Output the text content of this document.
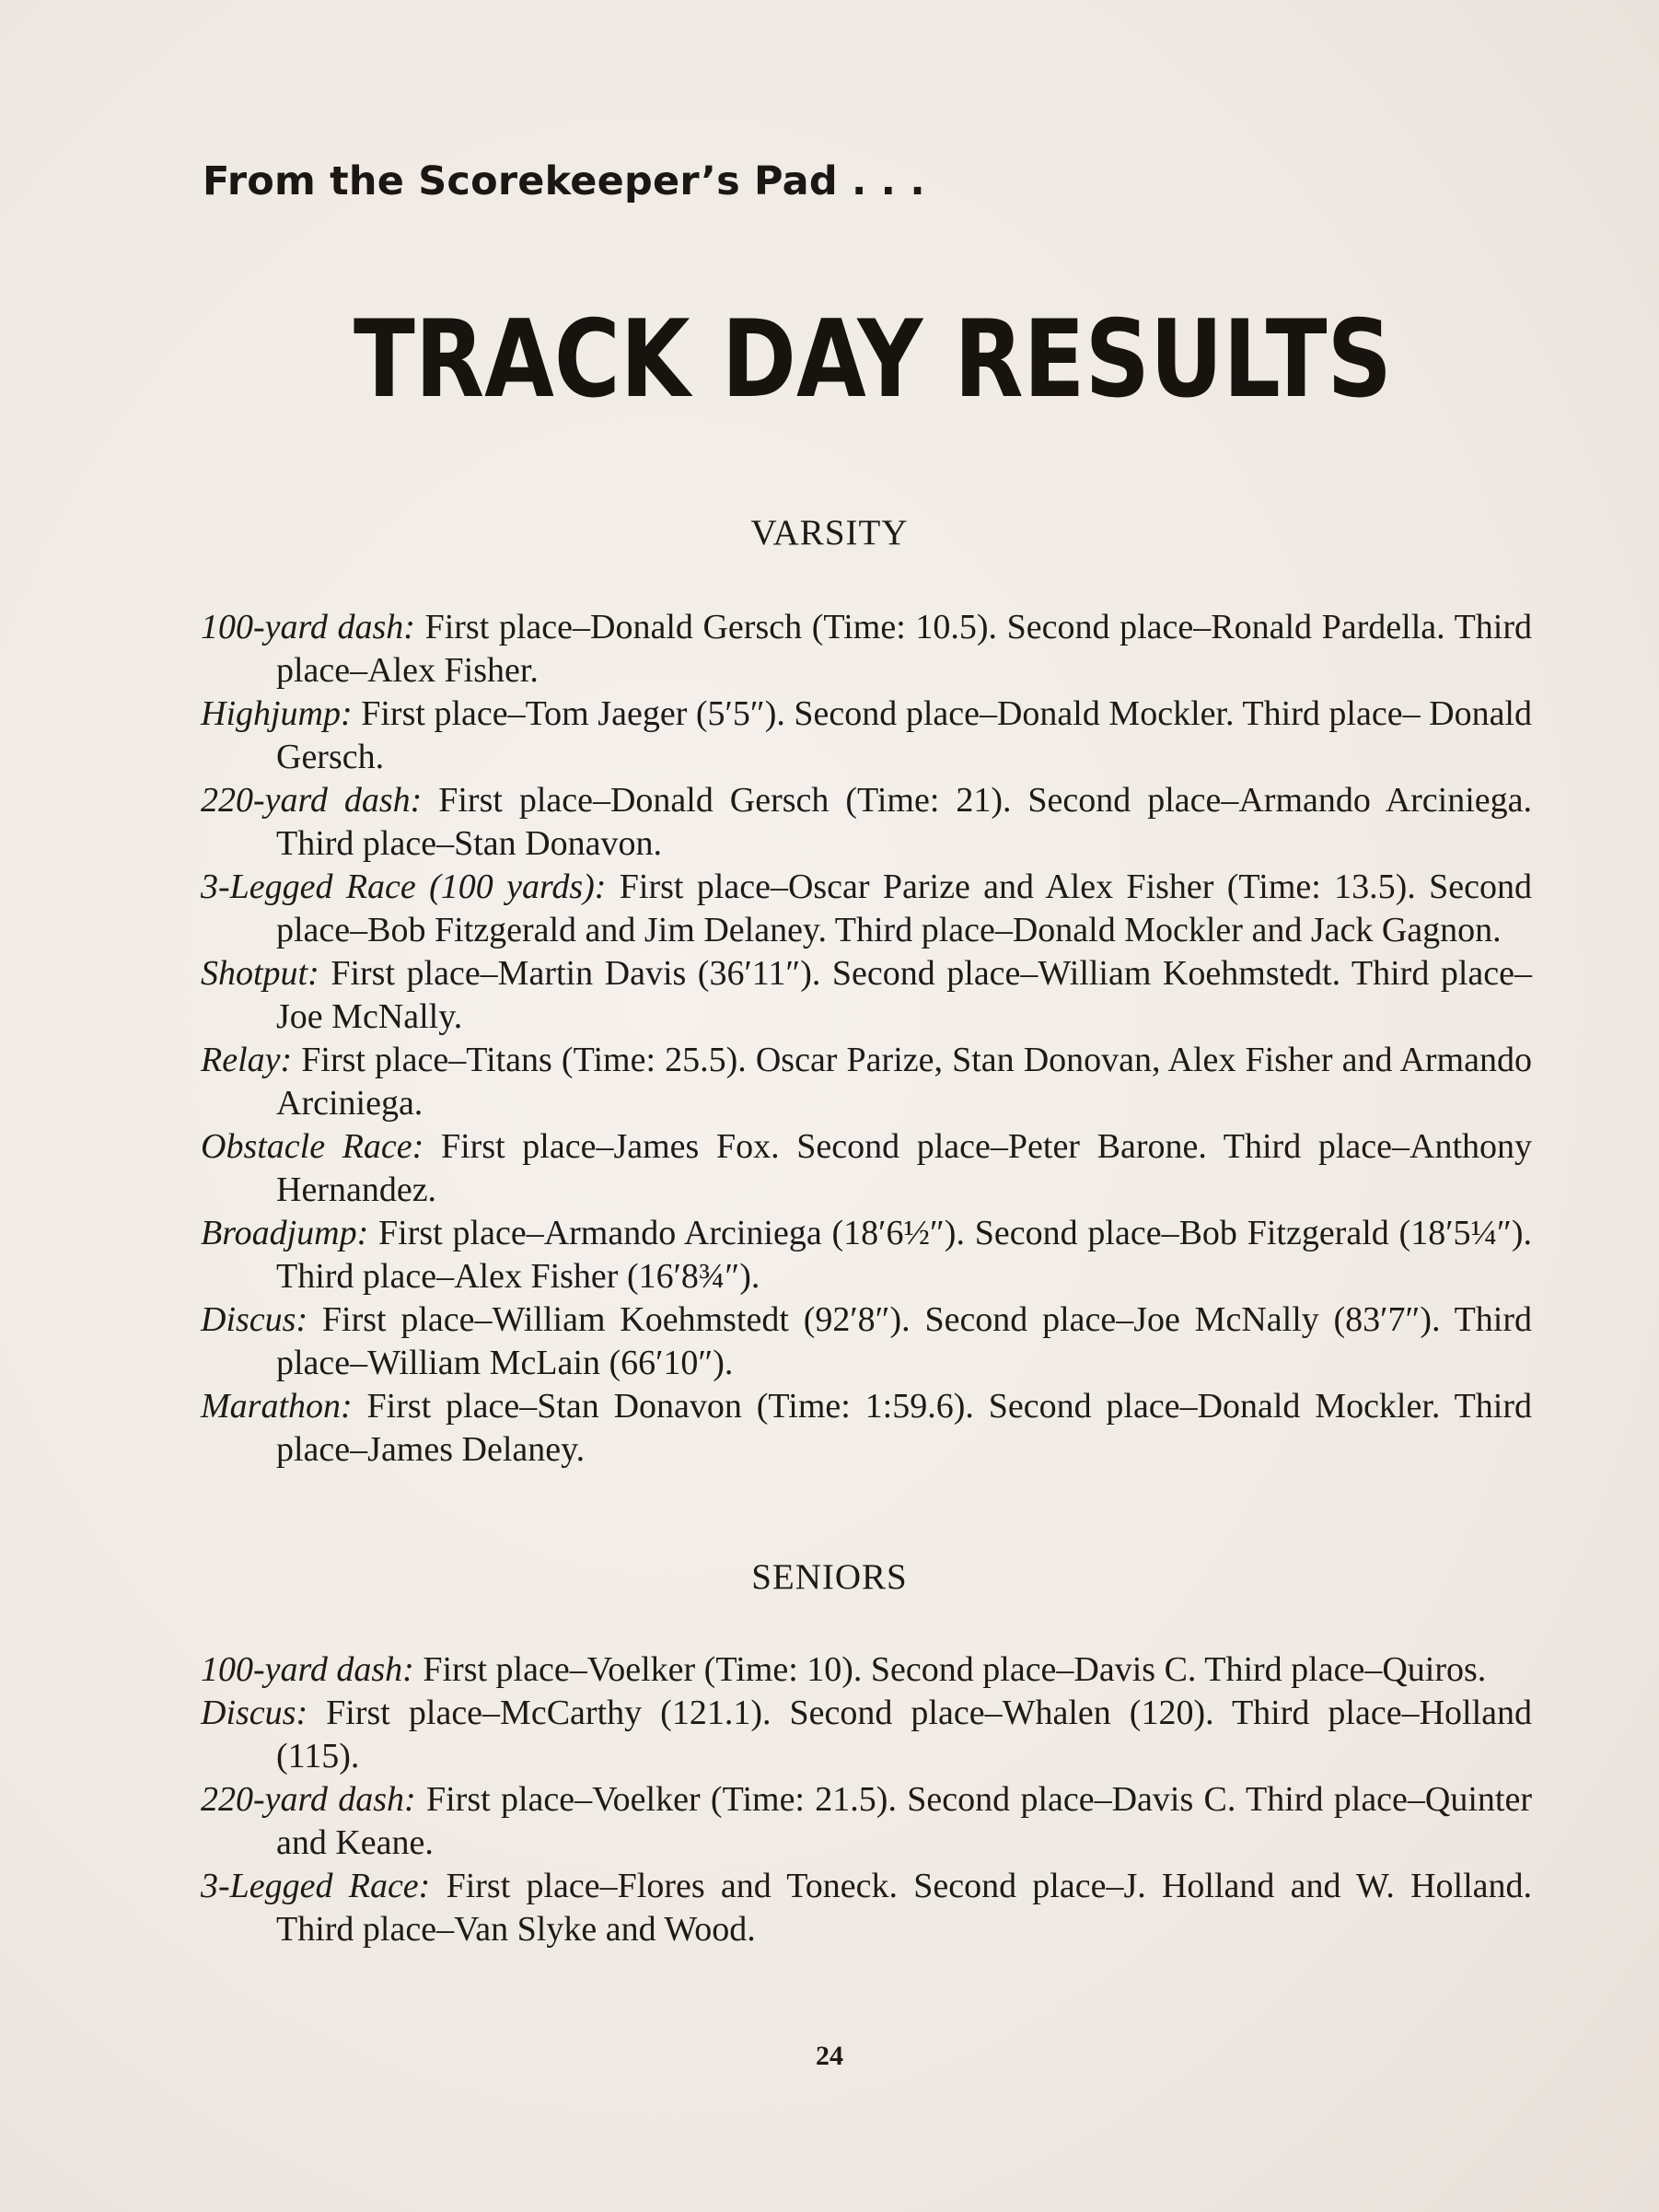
From the Scorekeeper’s Pad . . .
TRACK DAY RESULTS
VARSITY
100-yard dash: First place–Donald Gersch (Time: 10.5). Second place–Ronald Pardella. Third place–Alex Fisher.
Highjump: First place–Tom Jaeger (5′5″). Second place–Donald Mockler. Third place– Donald Gersch.
220-yard dash: First place–Donald Gersch (Time: 21). Second place–Armando Arciniega. Third place–Stan Donavon.
3-Legged Race (100 yards): First place–Oscar Parize and Alex Fisher (Time: 13.5). Second place–Bob Fitzgerald and Jim Delaney. Third place–Donald Mockler and Jack Gagnon.
Shotput: First place–Martin Davis (36′11″). Second place–William Koehmstedt. Third place–Joe McNally.
Relay: First place–Titans (Time: 25.5). Oscar Parize, Stan Donovan, Alex Fisher and Armando Arciniega.
Obstacle Race: First place–James Fox. Second place–Peter Barone. Third place–Anthony Hernandez.
Broadjump: First place–Armando Arciniega (18′6½″). Second place–Bob Fitzgerald (18′5¼″). Third place–Alex Fisher (16′8¾″).
Discus: First place–William Koehmstedt (92′8″). Second place–Joe McNally (83′7″). Third place–William McLain (66′10″).
Marathon: First place–Stan Donavon (Time: 1:59.6). Second place–Donald Mockler. Third place–James Delaney.
SENIORS
100-yard dash: First place–Voelker (Time: 10). Second place–Davis C. Third place–Quiros.
Discus: First place–McCarthy (121.1). Second place–Whalen (120). Third place–Holland (115).
220-yard dash: First place–Voelker (Time: 21.5). Second place–Davis C. Third place–Quinter and Keane.
3-Legged Race: First place–Flores and Toneck. Second place–J. Holland and W. Holland. Third place–Van Slyke and Wood.
24
